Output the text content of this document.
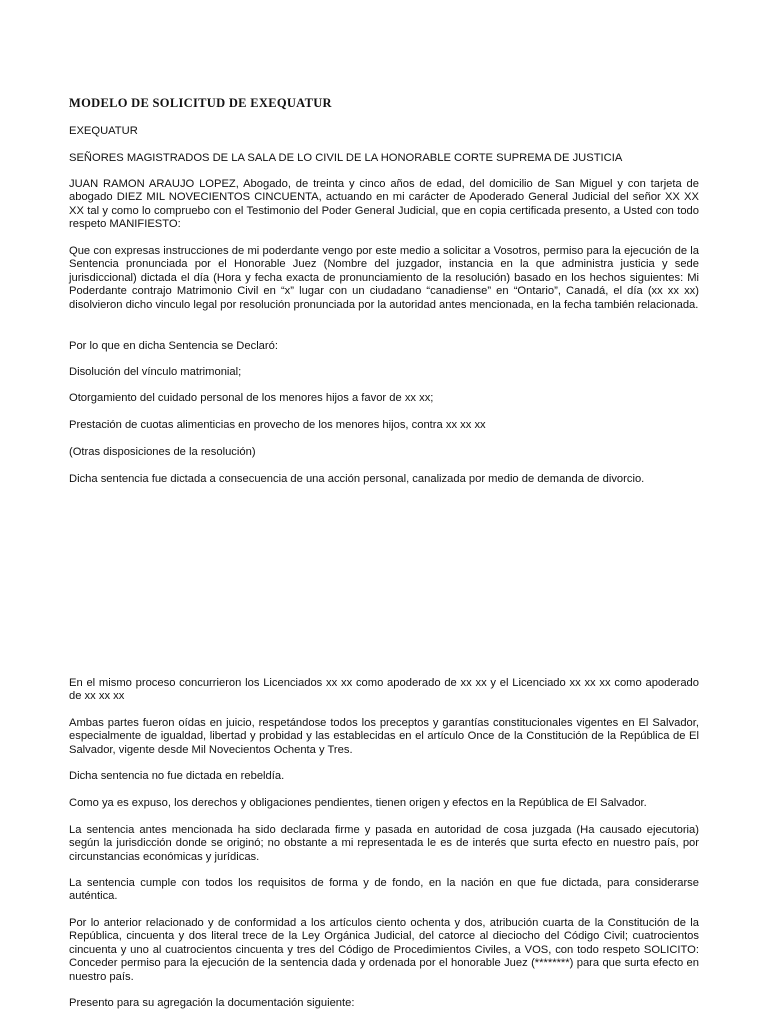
MODELO DE SOLICITUD DE EXEQUATUR

EXEQUATUR

SEÑORES MAGISTRADOS DE LA SALA DE LO CIVIL DE LA HONORABLE CORTE SUPREMA DE JUSTICIA

JUAN RAMON ARAUJO LOPEZ, Abogado, de treinta y cinco años de edad, del domicilio de San Miguel y con tarjeta de abogado DIEZ MIL NOVECIENTOS CINCUENTA, actuando en mi carácter de Apoderado General Judicial del señor XX XX XX tal y como lo compruebo con el Testimonio del Poder General Judicial, que en copia certificada presento, a Usted con todo respeto MANIFIESTO:

Que con expresas instrucciones de mi poderdante vengo por este medio a solicitar a Vosotros, permiso para la ejecución de la Sentencia pronunciada por el Honorable Juez (Nombre del juzgador, instancia en la que administra justicia y sede jurisdiccional) dictada el día (Hora y fecha exacta de pronunciamiento de la resolución) basado en los hechos siguientes: Mi Poderdante contrajo Matrimonio Civil en “x” lugar con un ciudadano “canadiense” en “Ontario”, Canadá, el día (xx xx xx) disolvieron dicho vinculo legal por resolución pronunciada por la autoridad antes mencionada, en la fecha también relacionada.

Por lo que en dicha Sentencia se Declaró:

Disolución del vínculo matrimonial;

Otorgamiento del cuidado personal de los menores hijos a favor de xx xx;

Prestación de cuotas alimenticias en provecho de los menores hijos, contra xx xx xx

(Otras disposiciones de la resolución)

Dicha sentencia fue dictada a consecuencia de una acción personal, canalizada por medio de demanda de divorcio.

En el mismo proceso concurrieron los Licenciados xx xx como apoderado de xx xx y el Licenciado xx xx xx como apoderado de xx xx xx

Ambas partes fueron oídas en juicio, respetándose todos los preceptos y garantías constitucionales vigentes en El Salvador, especialmente de igualdad, libertad y probidad y las establecidas en el artículo Once de la Constitución de la República de El Salvador, vigente desde Mil Novecientos Ochenta y Tres.

Dicha sentencia no fue dictada en rebeldía.

Como ya es expuso, los derechos y obligaciones pendientes, tienen origen y efectos en la República de El Salvador.

La sentencia antes mencionada ha sido declarada firme y pasada en autoridad de cosa juzgada (Ha causado ejecutoria) según la jurisdicción donde se originó; no obstante a mi representada le es de interés que surta efecto en nuestro país, por circunstancias económicas y jurídicas.

La sentencia cumple con todos los requisitos de forma y de fondo, en la nación en que fue dictada, para considerarse auténtica.

Por lo anterior relacionado y de conformidad a los artículos ciento ochenta y dos, atribución cuarta de la Constitución de la República, cincuenta y dos literal trece de la Ley Orgánica Judicial, del catorce al dieciocho del Código Civil; cuatrocientos cincuenta y uno al cuatrocientos cincuenta y tres del Código de Procedimientos Civiles, a VOS, con todo respeto SOLICITO: Conceder permiso para la ejecución de la sentencia dada y ordenada por el honorable Juez (********) para que surta efecto en nuestro país.

Presento para su agregación la documentación siguiente:
